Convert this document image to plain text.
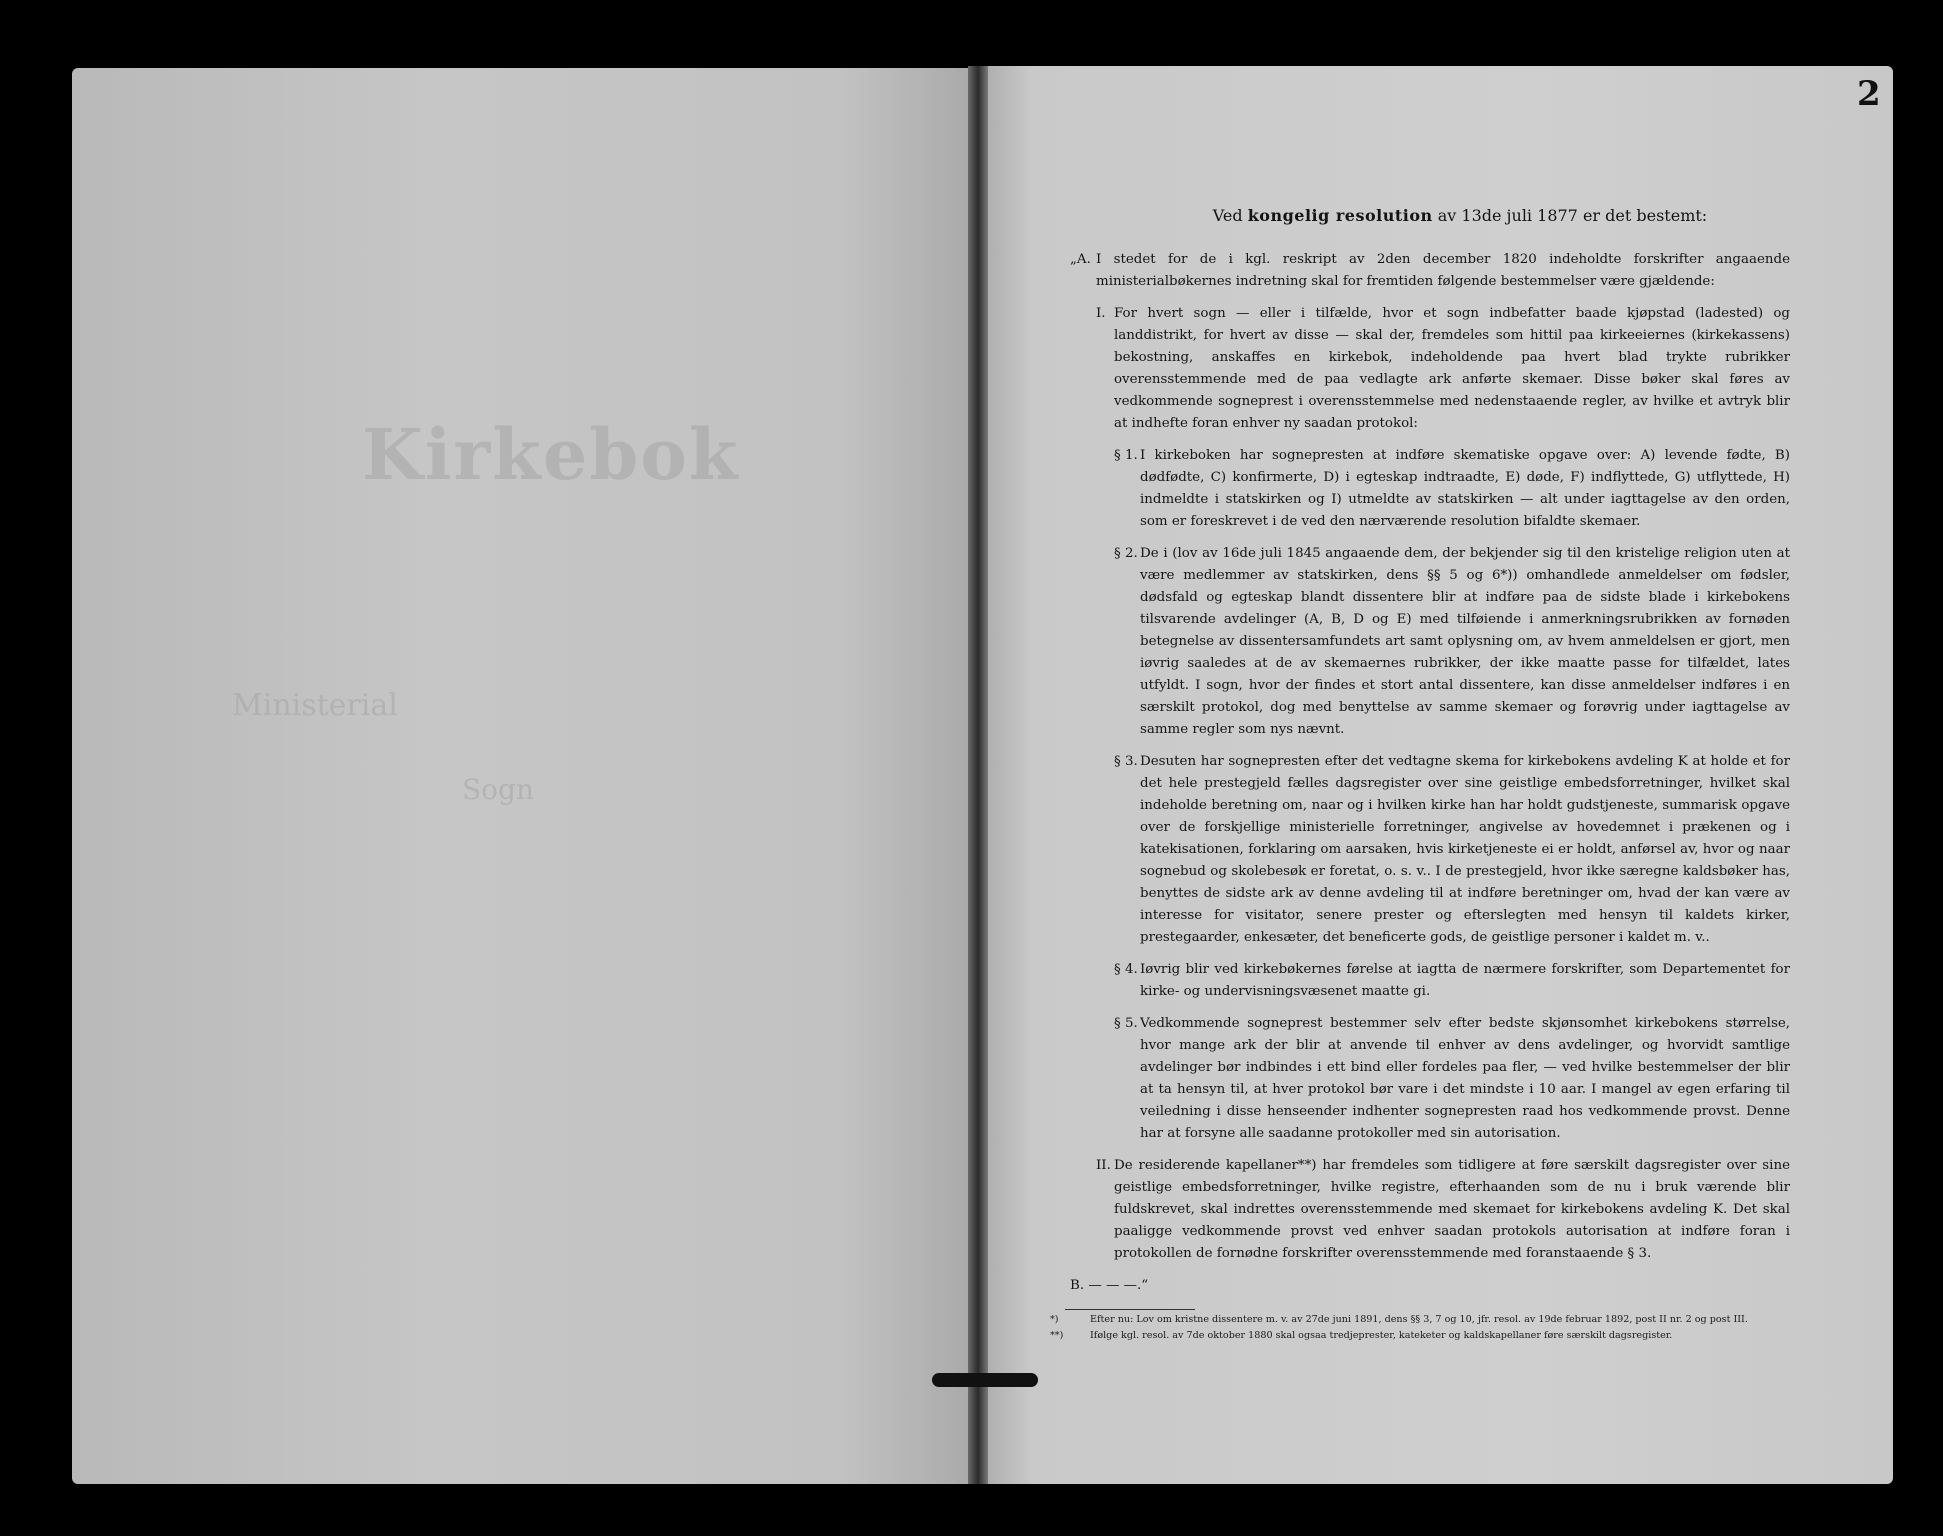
Kirkebok
Ministerial
Sogn
2
Ved kongelig resolution av 13de juli 1877 er det bestemt:

„A. I stedet for de i kgl. reskript av 2den december 1820 indeholdte forskrifter angaaende ministerialbøkernes indretning skal for fremtiden følgende bestemmelser være gjældende:

I. For hvert sogn — eller i tilfælde, hvor et sogn indbefatter baade kjøpstad (ladested) og landdistrikt, for hvert av disse — skal der, fremdeles som hittil paa kirkeeiernes (kirkekassens) bekostning, anskaffes en kirkebok, indeholdende paa hvert blad trykte rubrikker overensstemmende med de paa vedlagte ark anførte skemaer. Disse bøker skal føres av vedkommende sogneprest i overensstemmelse med nedenstaaende regler, av hvilke et avtryk blir at indhefte foran enhver ny saadan protokol:

§ 1. I kirkeboken har sognepresten at indføre skematiske opgave over: A) levende fødte, B) dødfødte, C) konfirmerte, D) i egteskap indtraadte, E) døde, F) indflyttede, G) utflyttede, H) indmeldte i statskirken og I) utmeldte av statskirken — alt under iagttagelse av den orden, som er foreskrevet i de ved den nærværende resolution bifaldte skemaer.

§ 2. De i (lov av 16de juli 1845 angaaende dem, der bekjender sig til den kristelige religion uten at være medlemmer av statskirken, dens §§ 5 og 6*)) omhandlede anmeldelser om fødsler, dødsfald og egteskap blandt dissentere blir at indføre paa de sidste blade i kirkebokens tilsvarende avdelinger (A, B, D og E) med tilføiende i anmerkningsrubrikken av fornøden betegnelse av dissentersamfundets art samt oplysning om, av hvem anmeldelsen er gjort, men iøvrig saaledes at de av skemaernes rubrikker, der ikke maatte passe for tilfældet, lates utfyldt. I sogn, hvor der findes et stort antal dissentere, kan disse anmeldelser indføres i en særskilt protokol, dog med benyttelse av samme skemaer og forøvrig under iagttagelse av samme regler som nys nævnt.

§ 3. Desuten har sognepresten efter det vedtagne skema for kirkebokens avdeling K at holde et for det hele prestegjeld fælles dagsregister over sine geistlige embedsforretninger, hvilket skal indeholde beretning om, naar og i hvilken kirke han har holdt gudstjeneste, summarisk opgave over de forskjellige ministerielle forretninger, angivelse av hovedemnet i prækenen og i katekisationen, forklaring om aarsaken, hvis kirketjeneste ei er holdt, anførsel av, hvor og naar sognebud og skolebesøk er foretat, o. s. v.. I de prestegjeld, hvor ikke særegne kaldsbøker has, benyttes de sidste ark av denne avdeling til at indføre beretninger om, hvad der kan være av interesse for visitator, senere prester og efterslegten med hensyn til kaldets kirker, prestegaarder, enkesæter, det beneficerte gods, de geistlige personer i kaldet m. v..

§ 4. Iøvrig blir ved kirkebøkernes førelse at iagtta de nærmere forskrifter, som Departementet for kirke- og undervisningsvæsenet maatte gi.

§ 5. Vedkommende sogneprest bestemmer selv efter bedste skjønsomhet kirkebokens størrelse, hvor mange ark der blir at anvende til enhver av dens avdelinger, og hvorvidt samtlige avdelinger bør indbindes i ett bind eller fordeles paa fler, — ved hvilke bestemmelser der blir at ta hensyn til, at hver protokol bør vare i det mindste i 10 aar. I mangel av egen erfaring til veiledning i disse henseender indhenter sognepresten raad hos vedkommende provst. Denne har at forsyne alle saadanne protokoller med sin autorisation.

II. De residerende kapellaner**) har fremdeles som tidligere at føre særskilt dagsregister over sine geistlige embedsforretninger, hvilke registre, efterhaanden som de nu i bruk værende blir fuldskrevet, skal indrettes overensstemmende med skemaet for kirkebokens avdeling K. Det skal paaligge vedkommende provst ved enhver saadan protokols autorisation at indføre foran i protokollen de fornødne forskrifter overensstemmende med foranstaaende § 3.

B. — — —.“

*)	Efter nu: Lov om kristne dissentere m. v. av 27de juni 1891, dens §§ 3, 7 og 10, jfr. resol. av 19de februar 1892, post II nr. 2 og post III.

**)	Ifølge kgl. resol. av 7de oktober 1880 skal ogsaa tredjeprester, kateketer og kaldskapellaner føre særskilt dagsregister.
